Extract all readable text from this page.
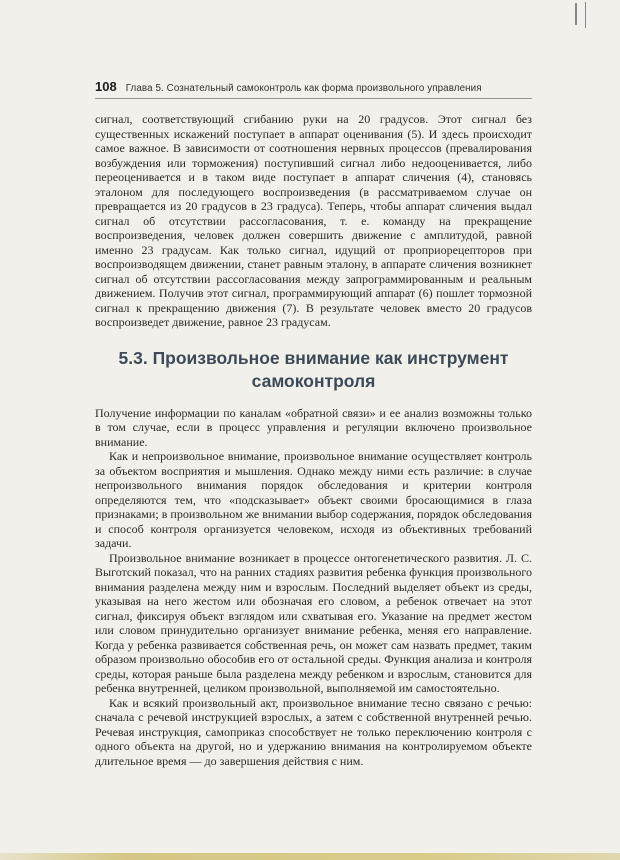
108 Глава 5. Сознательный самоконтроль как форма произвольного управления

сигнал, соответствующий сгибанию руки на 20 градусов. Этот сигнал без существенных искажений поступает в аппарат оценивания (5). И здесь происходит самое важное. В зависимости от соотношения нервных процессов (превалирования возбуждения или торможения) поступивший сигнал либо недооценивается, либо переоценивается и в таком виде поступает в аппарат сличения (4), становясь эталоном для последующего воспроизведения (в рассматриваемом случае он превращается из 20 градусов в 23 градуса). Теперь, чтобы аппарат сличения выдал сигнал об отсутствии рассогласования, т. е. команду на прекращение воспроизведения, человек должен совершить движение с амплитудой, равной именно 23 градусам. Как только сигнал, идущий от проприорецепторов при воспроизводящем движении, станет равным эталону, в аппарате сличения возникнет сигнал об отсутствии рассогласования между запрограммированным и реальным движением. Получив этот сигнал, программирующий аппарат (6) пошлет тормозной сигнал к прекращению движения (7). В результате человек вместо 20 градусов воспроизведет движение, равное 23 градусам.

5.3. Произвольное внимание как инструмент самоконтроля

Получение информации по каналам «обратной связи» и ее анализ возможны только в том случае, если в процесс управления и регуляции включено произвольное внимание.

Как и непроизвольное внимание, произвольное внимание осуществляет контроль за объектом восприятия и мышления. Однако между ними есть различие: в случае непроизвольного внимания порядок обследования и критерии контроля определяются тем, что «подсказывает» объект своими бросающимися в глаза признаками; в произвольном же внимании выбор содержания, порядок обследования и способ контроля организуется человеком, исходя из объективных требований задачи.

Произвольное внимание возникает в процессе онтогенетического развития. Л. С. Выготский показал, что на ранних стадиях развития ребенка функция произвольного внимания разделена между ним и взрослым. Последний выделяет объект из среды, указывая на него жестом или обозначая его словом, а ребенок отвечает на этот сигнал, фиксируя объект взглядом или схватывая его. Указание на предмет жестом или словом принудительно организует внимание ребенка, меняя его направление. Когда у ребенка развивается собственная речь, он может сам назвать предмет, таким образом произвольно обособив его от остальной среды. Функция анализа и контроля среды, которая раньше была разделена между ребенком и взрослым, становится для ребенка внутренней, целиком произвольной, выполняемой им самостоятельно.

Как и всякий произвольный акт, произвольное внимание тесно связано с речью: сначала с речевой инструкцией взрослых, а затем с собственной внутренней речью. Речевая инструкция, самоприказ способствует не только переключению контроля с одного объекта на другой, но и удержанию внимания на контролируемом объекте длительное время — до завершения действия с ним.
